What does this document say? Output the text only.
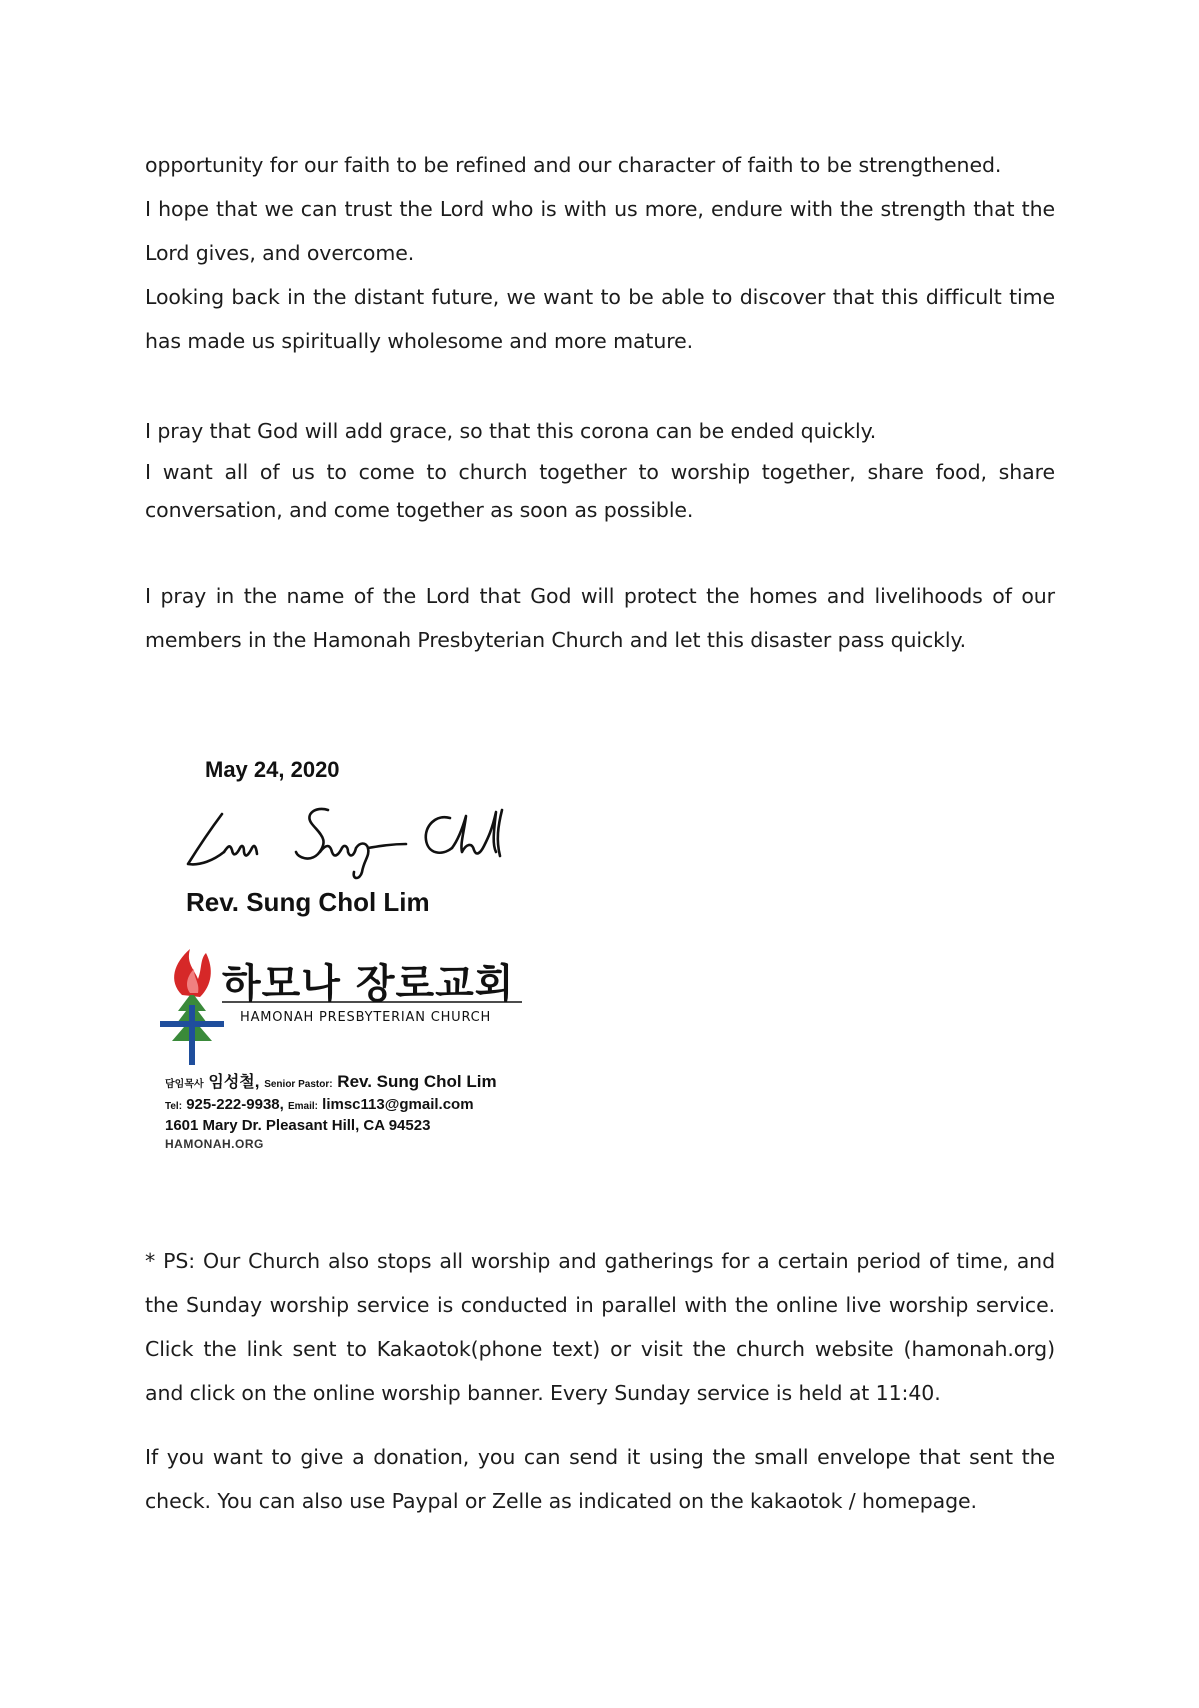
opportunity for our faith to be refined and our character of faith to be strengthened.

I hope that we can trust the Lord who is with us more, endure with the strength that the Lord gives, and overcome.

Looking back in the distant future, we want to be able to discover that this difficult time has made us spiritually wholesome and more mature.

I pray that God will add grace, so that this corona can be ended quickly.

I want all of us to come to church together to worship together, share food, share conversation, and come together as soon as possible.

I pray in the name of the Lord that God will protect the homes and livelihoods of our members in the Hamonah Presbyterian Church and let this disaster pass quickly.

May 24, 2020
Rev. Sung Chol Lim
하모나 장로교회
HAMONAH PRESBYTERIAN CHURCH
담임목사 임성철, Senior Pastor: Rev. Sung Chol Lim
Tel: 925-222-9938, Email: limsc113@gmail.com
1601 Mary Dr. Pleasant Hill, CA 94523
HAMONAH.ORG

* PS: Our Church also stops all worship and gatherings for a certain period of time, and the Sunday worship service is conducted in parallel with the online live worship service. Click the link sent to Kakaotok(phone text) or visit the church website (hamonah.org) and click on the online worship banner. Every Sunday service is held at 11:40.

If you want to give a donation, you can send it using the small envelope that sent the check. You can also use Paypal or Zelle as indicated on the kakaotok / homepage.
